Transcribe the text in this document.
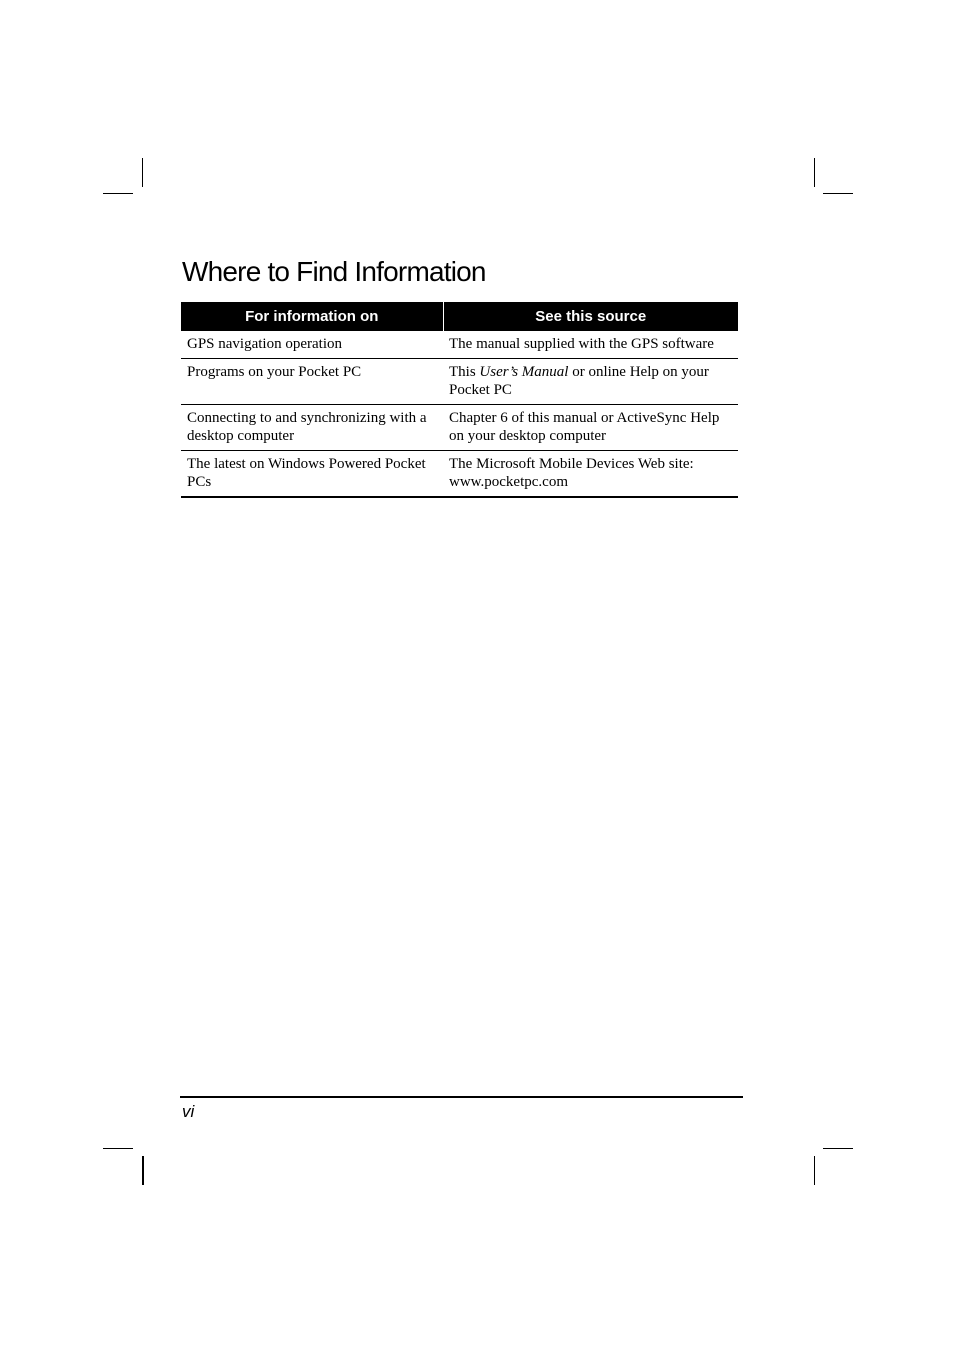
Where to Find Information
For information on	See this source
GPS navigation operation	The manual supplied with the GPS software
Programs on your Pocket PC	This User’s Manual or online Help on your Pocket PC
Connecting to and synchronizing with a desktop computer	Chapter 6 of this manual or ActiveSync Help on your desktop computer
The latest on Windows Powered Pocket PCs	The Microsoft Mobile Devices Web site:
www.pocketpc.com
vi
